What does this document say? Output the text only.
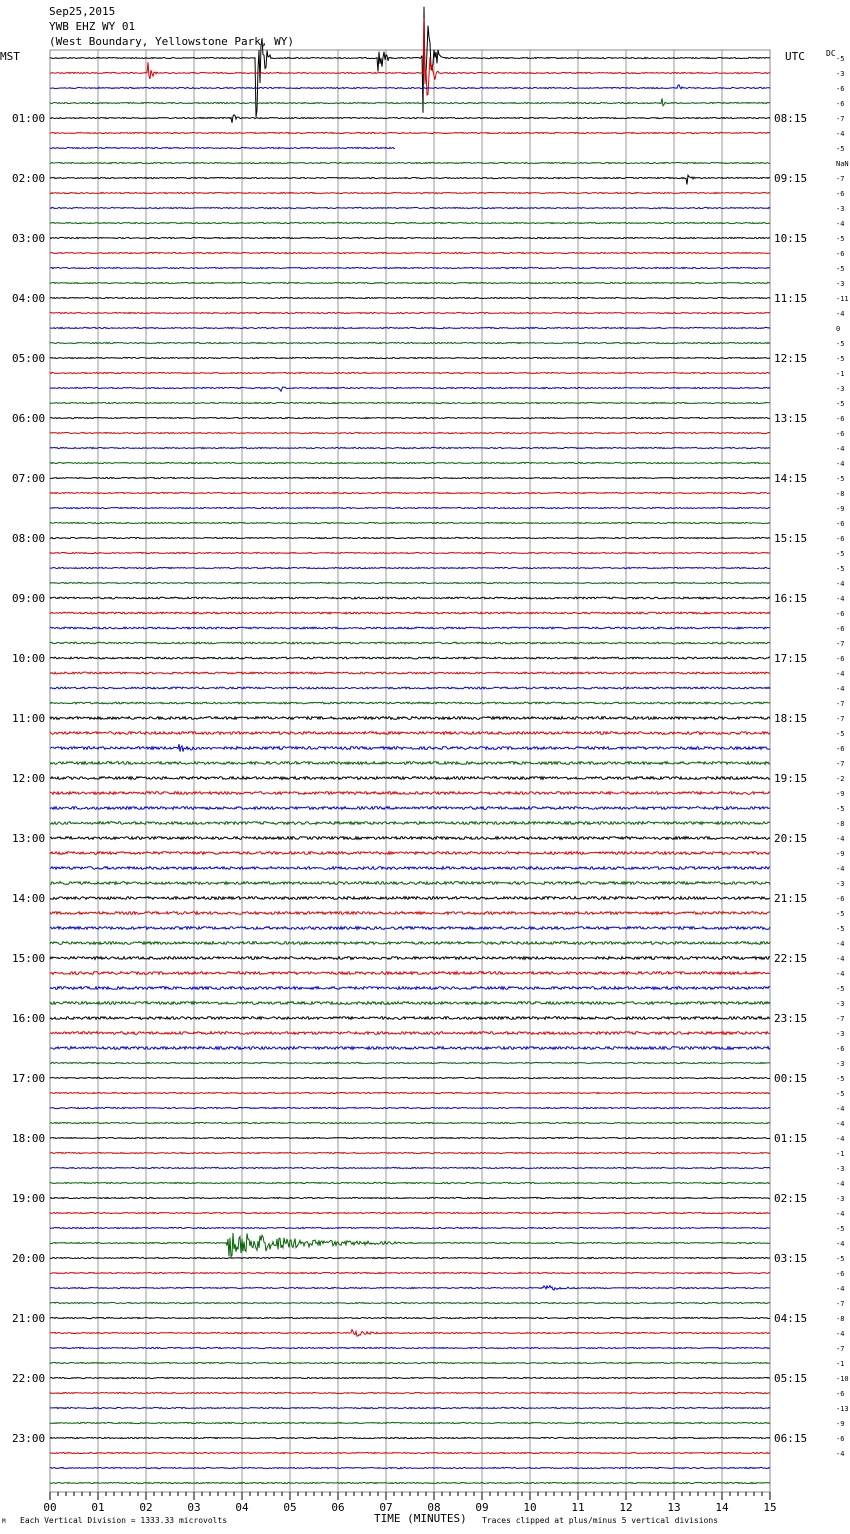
-5
-3
-6
-6
-7
-4
-5
NaN
-7
-6
-3
-4
-5
-6
-5
-3
-11
-4
0
-5
-5
-1
-3
-5
-6
-6
-4
-4
-5
-8
-9
-6
-6
-5
-5
-4
-4
-6
-6
-7
-6
-4
-4
-7
-7
-5
-6
-7
-2
-9
-5
-8
-4
-9
-4
-3
-6
-5
-5
-4
-4
-4
-5
-3
-7
-3
-6
-3
-5
-5
-4
-4
-4
-1
-3
-4
-3
-4
-5
-4
-5
-6
-4
-7
-8
-4
-7
-1
-10
-6
-13
-9
-6
-4
01:00
02:00
03:00
04:00
05:00
06:00
07:00
08:00
09:00
10:00
11:00
12:00
13:00
14:00
15:00
16:00
17:00
18:00
19:00
20:00
21:00
22:00
23:00
08:15
09:15
10:15
11:15
12:15
13:15
14:15
15:15
16:15
17:15
18:15
19:15
20:15
21:15
22:15
23:15
00:15
01:15
02:15
03:15
04:15
05:15
06:15
00	01	02	03	04	05	06	07	08	09	10	11	12	13	14	15
Sep25,2015
YWB EHZ WY 01
(West Boundary, Yellowstone Park, WY)
MST	UTC	DC
TIME (MINUTES)
Each Vertical Division = 1333.33 microvolts	Traces clipped at plus/minus 5 vertical divisions
M
